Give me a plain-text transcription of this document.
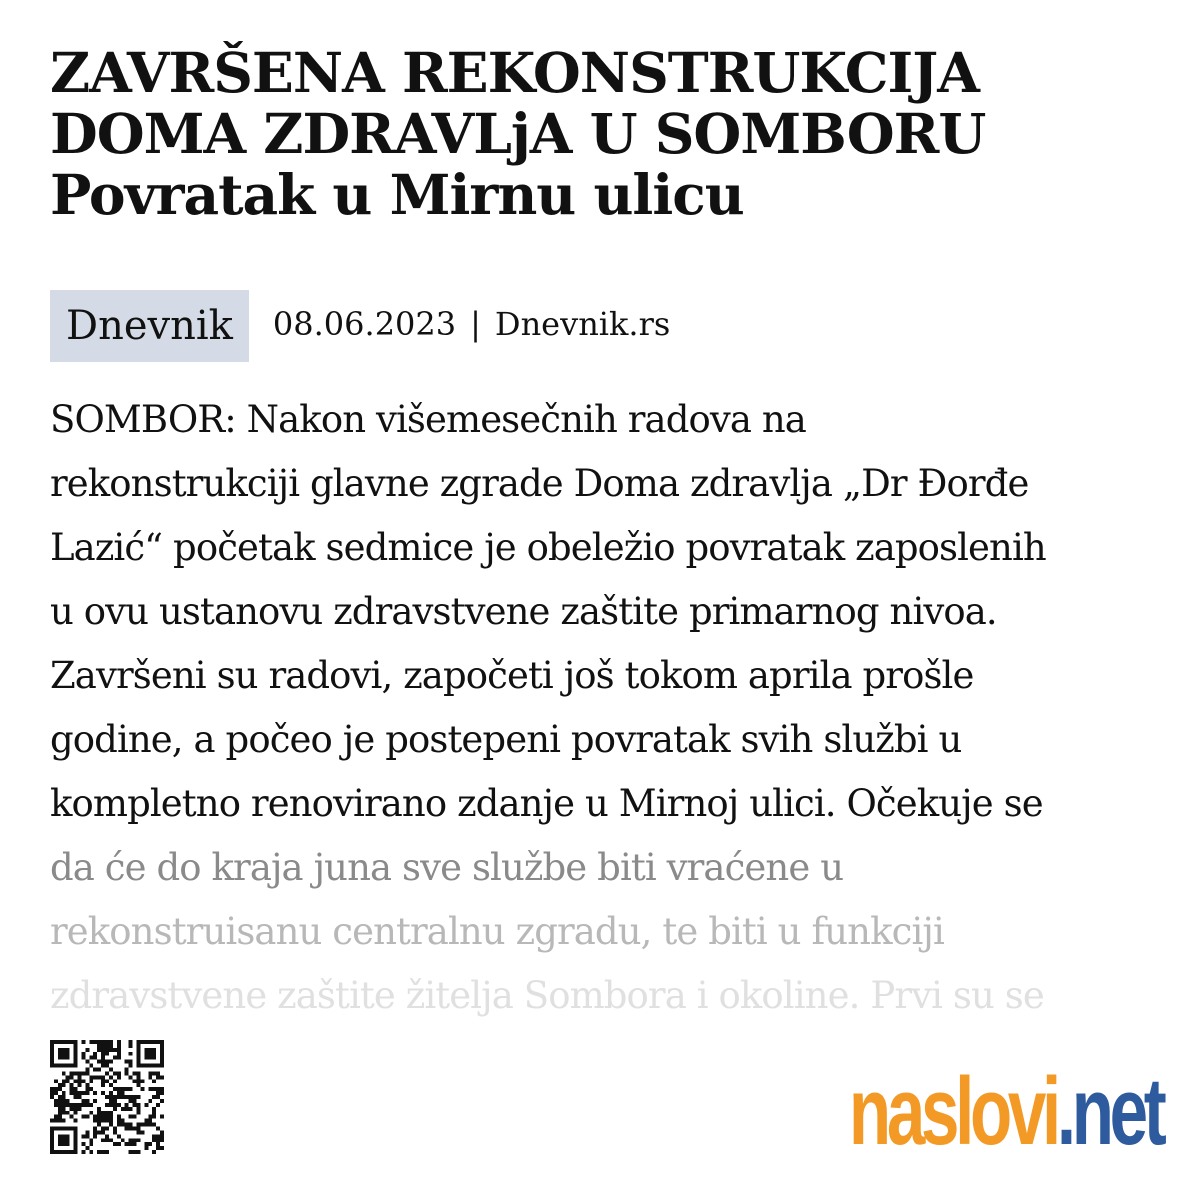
ZAVRŠENA REKONSTRUKCIJA
DOMA ZDRAVLjA U SOMBORU
Povratak u Mirnu ulicu
Dnevnik	08.06.2023 | Dnevnik.rs
SOMBOR: Nakon višemesečnih radova na
rekonstrukciji glavne zgrade Doma zdravlja „Dr Đorđe
Lazić“ početak sedmice je obeležio povratak zaposlenih
u ovu ustanovu zdravstvene zaštite primarnog nivoa.
Završeni su radovi, započeti još tokom aprila prošle
godine, a počeo je postepeni povratak svih službi u
kompletno renovirano zdanje u Mirnoj ulici. Očekuje se
da će do kraja juna sve službe biti vraćene u
rekonstruisanu centralnu zgradu, te biti u funkciji
zdravstvene zaštite žitelja Sombora i okoline. Prvi su se
naslovi.net
